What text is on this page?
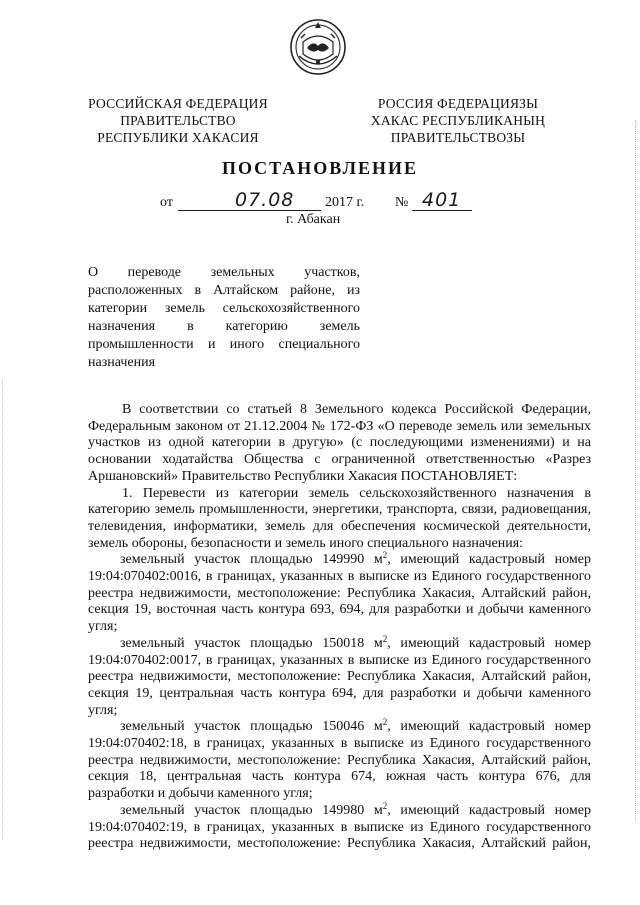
РОССИЙСКАЯ ФЕДЕРАЦИЯ
ПРАВИТЕЛЬСТВО
РЕСПУБЛИКИ ХАКАСИЯ
РОССИЯ ФЕДЕРАЦИЯЗЫ
ХАКАС РЕСПУБЛИКАНЫҢ
ПРАВИТЕЛЬСТВОЗЫ
ПОСТАНОВЛЕНИЕ
от	07.08 2017 г. № 401
г. Абакан
О переводе земельных участков,
расположенных в Алтайском районе, из
категории земель сельскохозяйственного
назначения в категорию земель
промышленности и иного специального
назначения
В соответствии со статьей 8 Земельного кодекса Российской Федерации,
Федеральным законом от 21.12.2004 № 172-ФЗ «О переводе земель или земельных
участков из одной категории в другую» (с последующими изменениями) и на
основании ходатайства Общества с ограниченной ответственностью «Разрез
Аршановский» Правительство Республики Хакасия ПОСТАНОВЛЯЕТ:
1. Перевести из категории земель сельскохозяйственного назначения в
категорию земель промышленности, энергетики, транспорта, связи, радиовещания,
телевидения, информатики, земель для обеспечения космической деятельности,
земель обороны, безопасности и земель иного специального назначения:
земельный участок площадью 149990 $м^2$, имеющий кадастровый номер
19:04:070402:0016, в границах, указанных в выписке из Единого государственного
реестра недвижимости, местоположение: Республика Хакасия, Алтайский район,
секция 19, восточная часть контура 693, 694, для разработки и добычи каменного
угля;
земельный участок площадью 150018 $м^2$, имеющий кадастровый номер
19:04:070402:0017, в границах, указанных в выписке из Единого государственного
реестра недвижимости, местоположение: Республика Хакасия, Алтайский район,
секция 19, центральная часть контура 694, для разработки и добычи каменного
угля;
земельный участок площадью 150046 $м^2$, имеющий кадастровый номер
19:04:070402:18, в границах, указанных в выписке из Единого государственного
реестра недвижимости, местоположение: Республика Хакасия, Алтайский район,
секция 18, центральная часть контура 674, южная часть контура 676, для
разработки и добычи каменного угля;
земельный участок площадью 149980 $м^2$, имеющий кадастровый номер
19:04:070402:19, в границах, указанных в выписке из Единого государственного
реестра недвижимости, местоположение: Республика Хакасия, Алтайский район,
